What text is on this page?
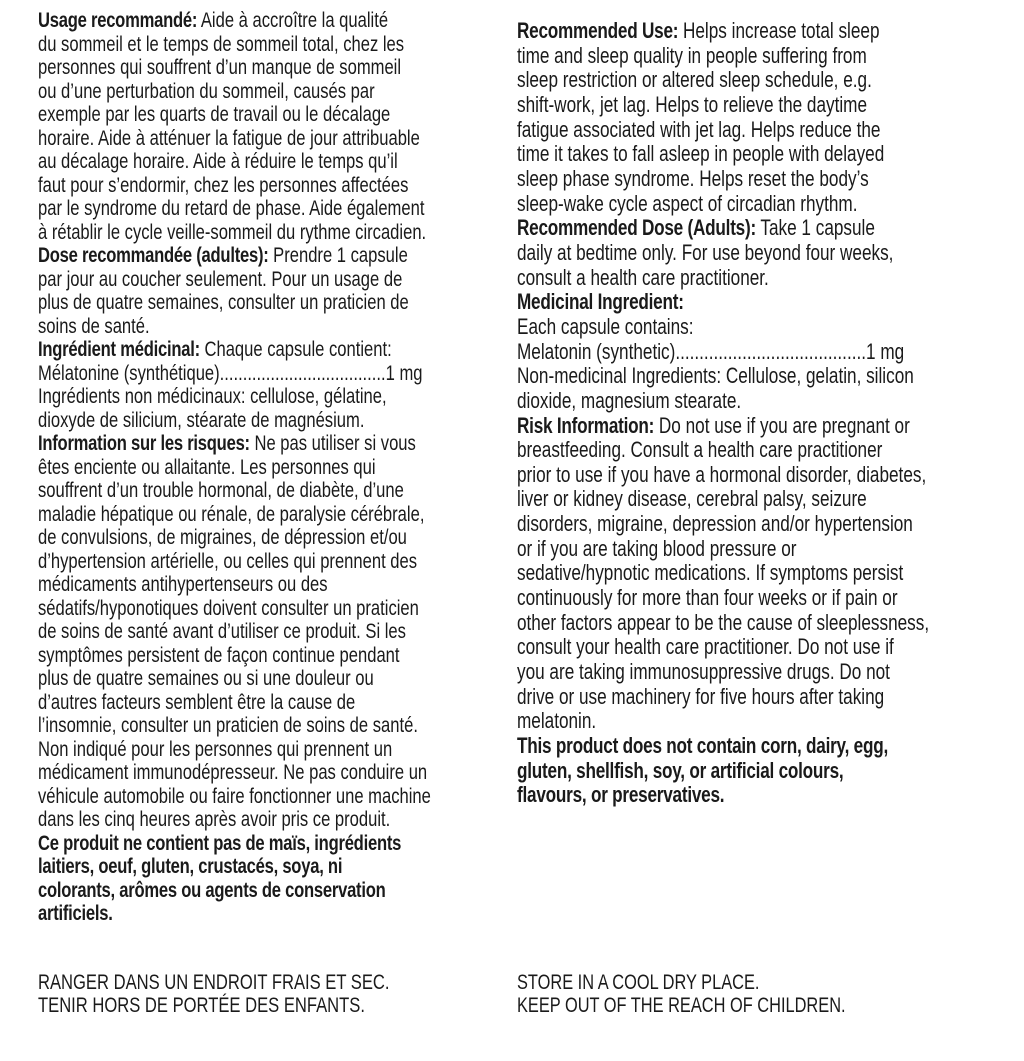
Usage recommandé: Aide à accroître la qualité
du sommeil et le temps de sommeil total, chez les
personnes qui souffrent d’un manque de sommeil
ou d’une perturbation du sommeil, causés par
exemple par les quarts de travail ou le décalage
horaire. Aide à atténuer la fatigue de jour attribuable
au décalage horaire. Aide à réduire le temps qu’il
faut pour s’endormir, chez les personnes affectées
par le syndrome du retard de phase. Aide également
à rétablir le cycle veille-sommeil du rythme circadien.
Dose recommandée (adultes): Prendre 1 capsule
par jour au coucher seulement. Pour un usage de
plus de quatre semaines, consulter un praticien de
soins de santé.
Ingrédient médicinal: Chaque capsule contient:
Mélatonine (synthétique)....................................1 mg
Ingrédients non médicinaux: cellulose, gélatine,
dioxyde de silicium, stéarate de magnésium.
Information sur les risques: Ne pas utiliser si vous
êtes enciente ou allaitante. Les personnes qui
souffrent d’un trouble hormonal, de diabète, d’une
maladie hépatique ou rénale, de paralysie cérébrale,
de convulsions, de migraines, de dépression et/ou
d’hypertension artérielle, ou celles qui prennent des
médicaments antihypertenseurs ou des
sédatifs/hyponotiques doivent consulter un praticien
de soins de santé avant d’utiliser ce produit. Si les
symptômes persistent de façon continue pendant
plus de quatre semaines ou si une douleur ou
d’autres facteurs semblent être la cause de
l’insomnie, consulter un praticien de soins de santé.
Non indiqué pour les personnes qui prennent un
médicament immunodépresseur. Ne pas conduire un
véhicule automobile ou faire fonctionner une machine
dans les cinq heures après avoir pris ce produit.
Ce produit ne contient pas de maïs, ingrédients
laitiers, oeuf, gluten, crustacés, soya, ni
colorants, arômes ou agents de conservation
artificiels.
Recommended Use: Helps increase total sleep
time and sleep quality in people suffering from
sleep restriction or altered sleep schedule, e.g.
shift-work, jet lag. Helps to relieve the daytime
fatigue associated with jet lag. Helps reduce the
time it takes to fall asleep in people with delayed
sleep phase syndrome. Helps reset the body’s
sleep-wake cycle aspect of circadian rhythm.
Recommended Dose (Adults): Take 1 capsule
daily at bedtime only. For use beyond four weeks,
consult a health care practitioner.
Medicinal Ingredient:
Each capsule contains:
Melatonin (synthetic)........................................1 mg
Non-medicinal Ingredients: Cellulose, gelatin, silicon
dioxide, magnesium stearate.
Risk Information: Do not use if you are pregnant or
breastfeeding. Consult a health care practitioner
prior to use if you have a hormonal disorder, diabetes,
liver or kidney disease, cerebral palsy, seizure
disorders, migraine, depression and/or hypertension
or if you are taking blood pressure or
sedative/hypnotic medications. If symptoms persist
continuously for more than four weeks or if pain or
other factors appear to be the cause of sleeplessness,
consult your health care practitioner. Do not use if
you are taking immunosuppressive drugs. Do not
drive or use machinery for five hours after taking
melatonin.
This product does not contain corn, dairy, egg,
gluten, shellfish, soy, or artificial colours,
flavours, or preservatives.
RANGER DANS UN ENDROIT FRAIS ET SEC.
TENIR HORS DE PORTÉE DES ENFANTS.
STORE IN A COOL DRY PLACE.
KEEP OUT OF THE REACH OF CHILDREN.
